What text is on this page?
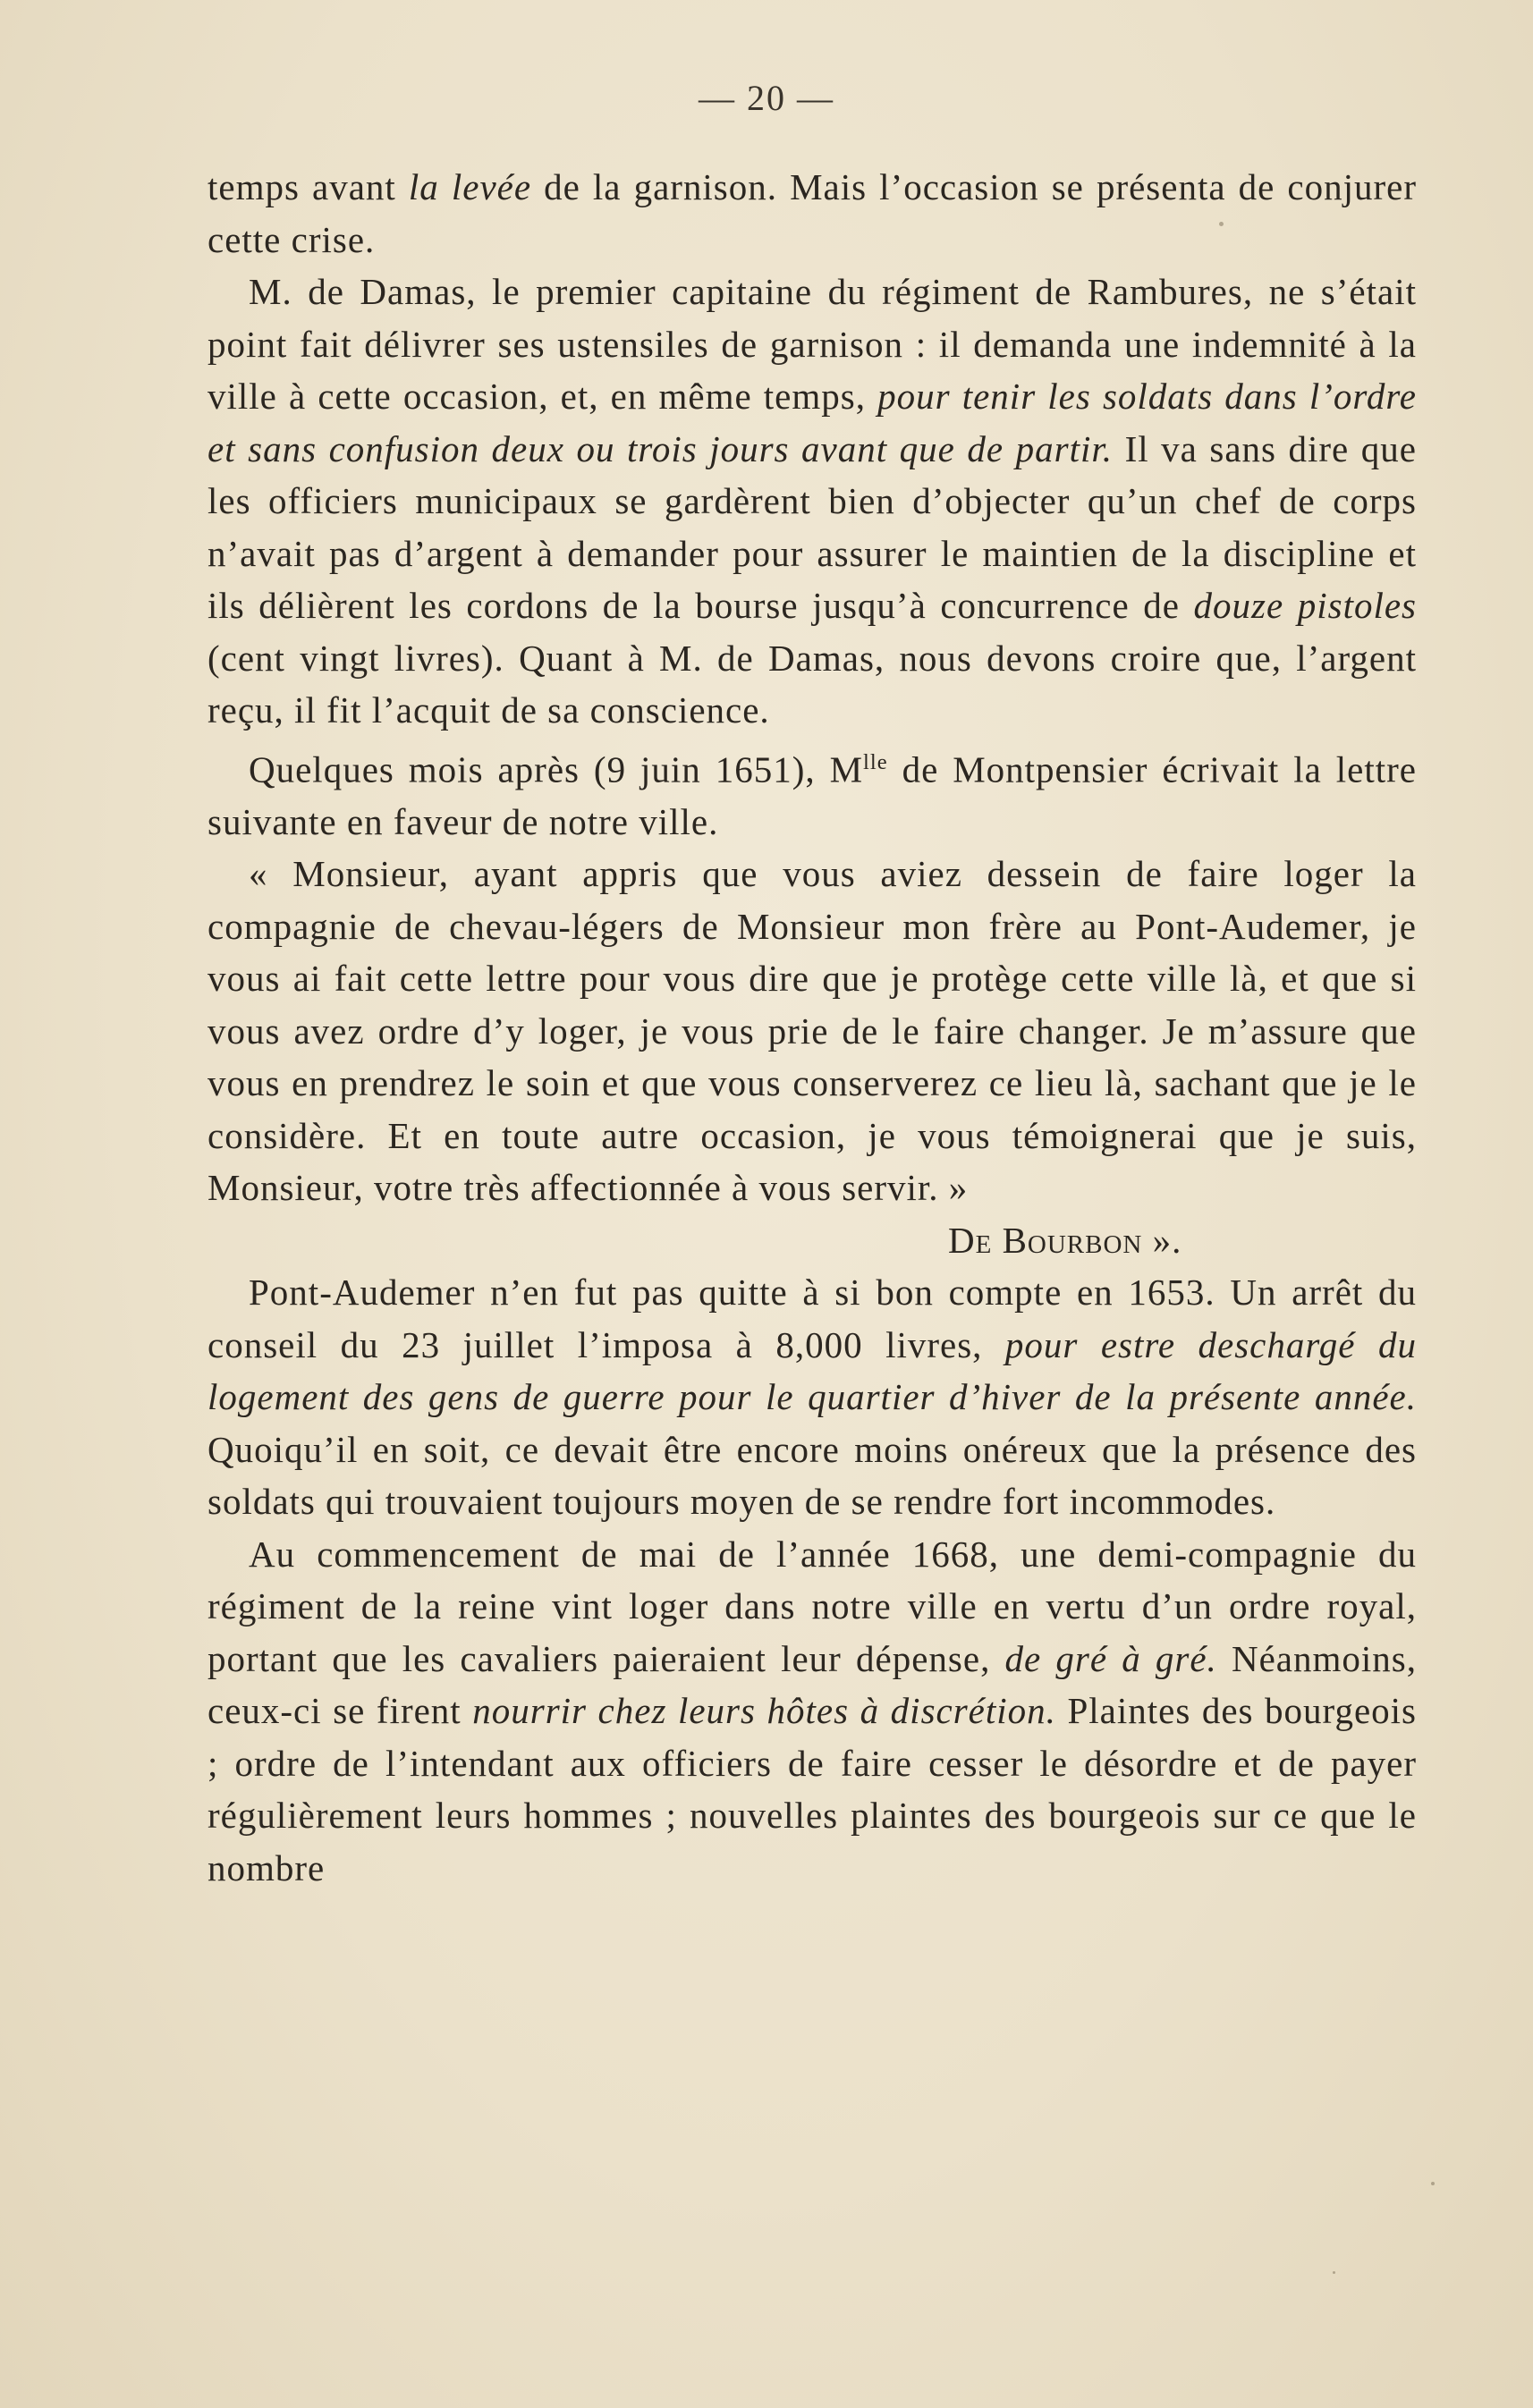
— 20 —

temps avant la levée de la garnison. Mais l’occasion se présenta de conjurer cette crise.

M. de Damas, le premier capitaine du régiment de Rambures, ne s’était point fait délivrer ses ustensiles de garnison : il demanda une indemnité à la ville à cette occasion, et, en même temps, pour tenir les soldats dans l’ordre et sans confusion deux ou trois jours avant que de partir. Il va sans dire que les officiers municipaux se gardèrent bien d’objecter qu’un chef de corps n’avait pas d’argent à demander pour assurer le maintien de la discipline et ils délièrent les cordons de la bourse jusqu’à concurrence de douze pistoles (cent vingt livres). Quant à M. de Damas, nous devons croire que, l’argent reçu, il fit l’acquit de sa conscience.

Quelques mois après (9 juin 1651), $M^{lle}$ de Montpensier écrivait la lettre suivante en faveur de notre ville.

« Monsieur, ayant appris que vous aviez dessein de faire loger la compagnie de chevau-légers de Monsieur mon frère au Pont-Audemer, je vous ai fait cette lettre pour vous dire que je protège cette ville là, et que si vous avez ordre d’y loger, je vous prie de le faire changer. Je m’assure que vous en prendrez le soin et que vous conserverez ce lieu là, sachant que je le considère. Et en toute autre occasion, je vous témoignerai que je suis, Monsieur, votre très affectionnée à vous servir. »

De Bourbon ».

Pont-Audemer n’en fut pas quitte à si bon compte en 1653. Un arrêt du conseil du 23 juillet l’imposa à 8,000 livres, pour estre deschargé du logement des gens de guerre pour le quartier d’hiver de la présente année. Quoiqu’il en soit, ce devait être encore moins onéreux que la présence des soldats qui trouvaient toujours moyen de se rendre fort incommodes.

Au commencement de mai de l’année 1668, une demi-compagnie du régiment de la reine vint loger dans notre ville en vertu d’un ordre royal, portant que les cavaliers paieraient leur dépense, de gré à gré. Néanmoins, ceux-ci se firent nourrir chez leurs hôtes à discrétion. Plaintes des bourgeois ; ordre de l’intendant aux officiers de faire cesser le désordre et de payer régulièrement leurs hommes ; nouvelles plaintes des bourgeois sur ce que le nombre
